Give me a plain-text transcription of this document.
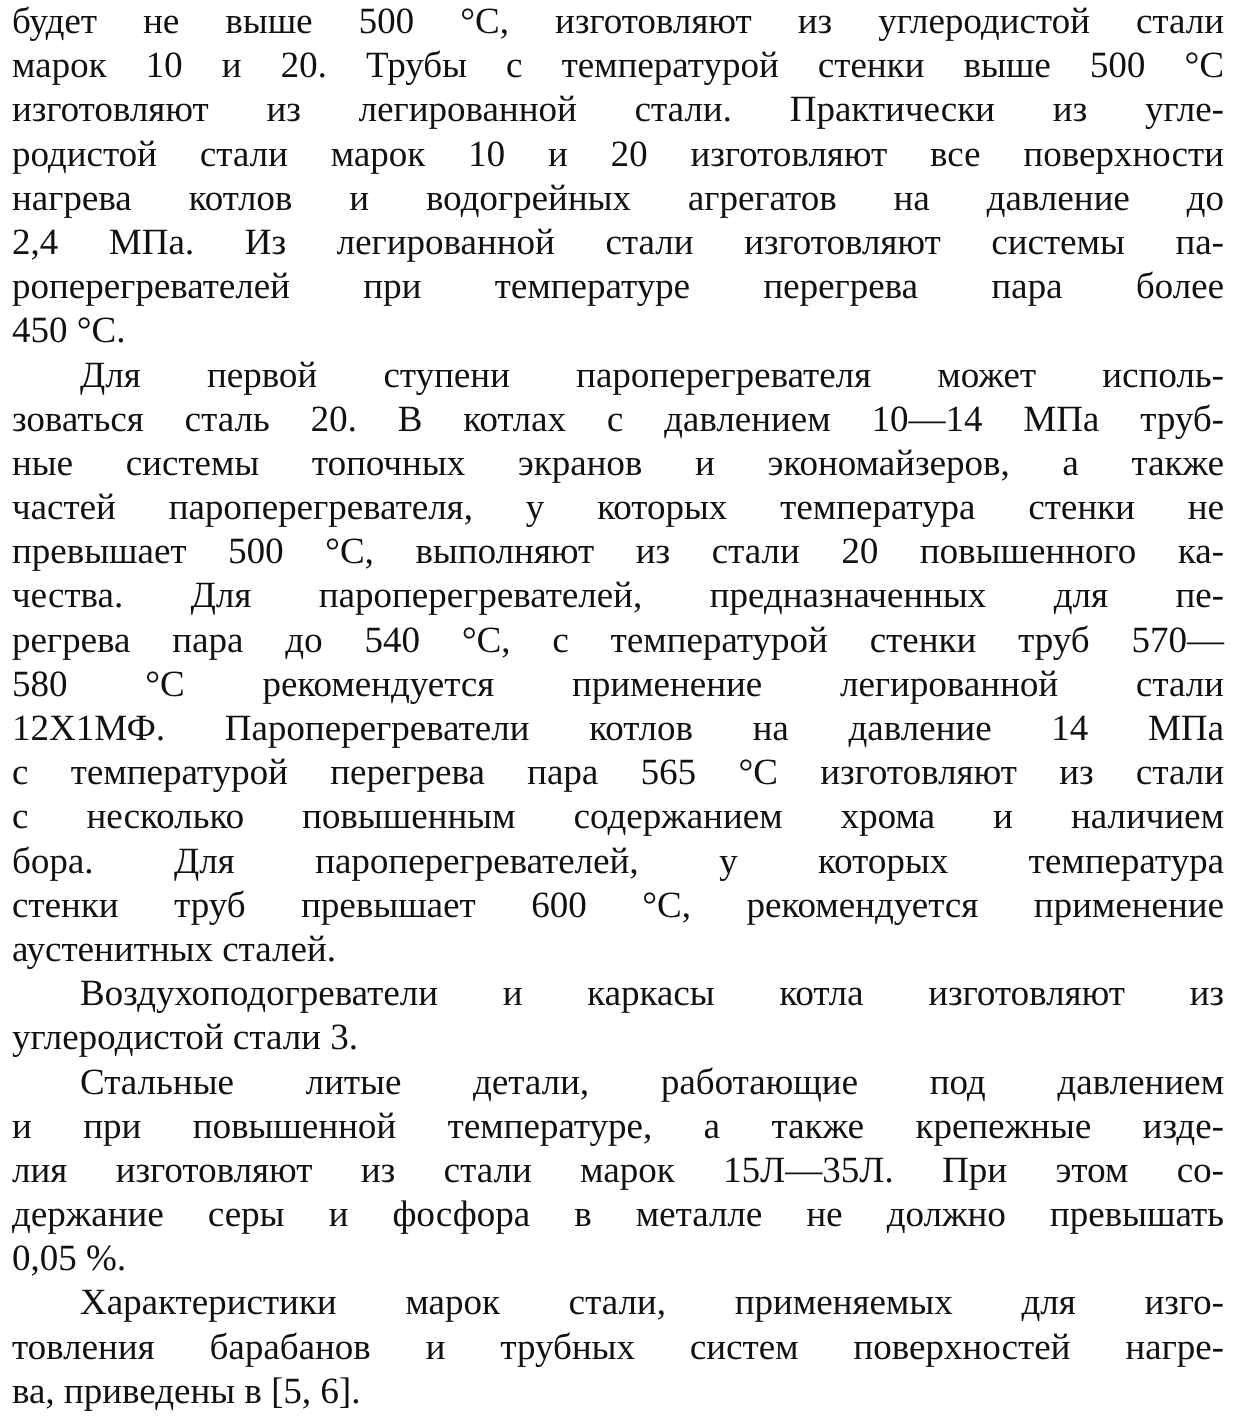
будет не выше 500 °С, изготовляют из углеродистой стали
марок 10 и 20. Трубы с температурой стенки выше 500 °С
изготовляют из легированной стали. Практически из угле-
родистой стали марок 10 и 20 изготовляют все поверхности
нагрева котлов и водогрейных агрегатов на давление до
2,4 МПа. Из легированной стали изготовляют системы па-
роперегревателей при температуре перегрева пара более
450 °С.
Для первой ступени пароперегревателя может исполь-
зоваться сталь 20. В котлах с давлением 10—14 МПа труб-
ные системы топочных экранов и экономайзеров, а также
частей пароперегревателя, у которых температура стенки не
превышает 500 °С, выполняют из стали 20 повышенного ка-
чества. Для пароперегревателей, предназначенных для пе-
регрева пара до 540 °С, с температурой стенки труб 570—
580 °С рекомендуется применение легированной стали
12Х1МФ. Пароперегреватели котлов на давление 14 МПа
с температурой перегрева пара 565 °С изготовляют из стали
с несколько повышенным содержанием хрома и наличием
бора. Для пароперегревателей, у которых температура
стенки труб превышает 600 °С, рекомендуется применение
аустенитных сталей.
Воздухоподогреватели и каркасы котла изготовляют из
углеродистой стали 3.
Стальные литые детали, работающие под давлением
и при повышенной температуре, а также крепежные изде-
лия изготовляют из стали марок 15Л—35Л. При этом со-
держание серы и фосфора в металле не должно превышать
0,05 %.
Характеристики марок стали, применяемых для изго-
товления барабанов и трубных систем поверхностей нагре-
ва, приведены в [5, 6].
